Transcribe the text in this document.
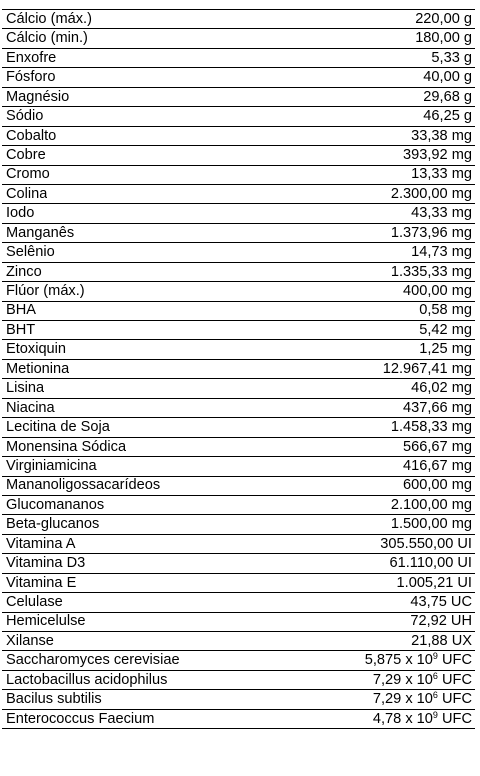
Cálcio (máx.)	220,00 g
Cálcio (min.)	180,00 g
Enxofre	5,33 g
Fósforo	40,00 g
Magnésio	29,68 g
Sódio	46,25 g
Cobalto	33,38 mg
Cobre	393,92 mg
Cromo	13,33 mg
Colina	2.300,00 mg
Iodo	43,33 mg
Manganês	1.373,96 mg
Selênio	14,73 mg
Zinco	1.335,33 mg
Flúor (máx.)	400,00 mg
BHA	0,58 mg
BHT	5,42 mg
Etoxiquin	1,25 mg
Metionina	12.967,41 mg
Lisina	46,02 mg
Niacina	437,66 mg
Lecitina de Soja	1.458,33 mg
Monensina Sódica	566,67 mg
Virginiamicina	416,67 mg
Mananoligossacarídeos	600,00 mg
Glucomananos	2.100,00 mg
Beta-glucanos	1.500,00 mg
Vitamina A	305.550,00 UI
Vitamina D3	61.110,00 UI
Vitamina E	1.005,21 UI
Celulase	43,75 UC
Hemicelulse	72,92 UH
Xilanse	21,88 UX
Saccharomyces cerevisiae	5,875 x $10^9$ UFC
Lactobacillus acidophilus	7,29 x $10^6$ UFC
Bacilus subtilis	7,29 x $10^6$ UFC
Enterococcus Faecium	4,78 x $10^9$ UFC
